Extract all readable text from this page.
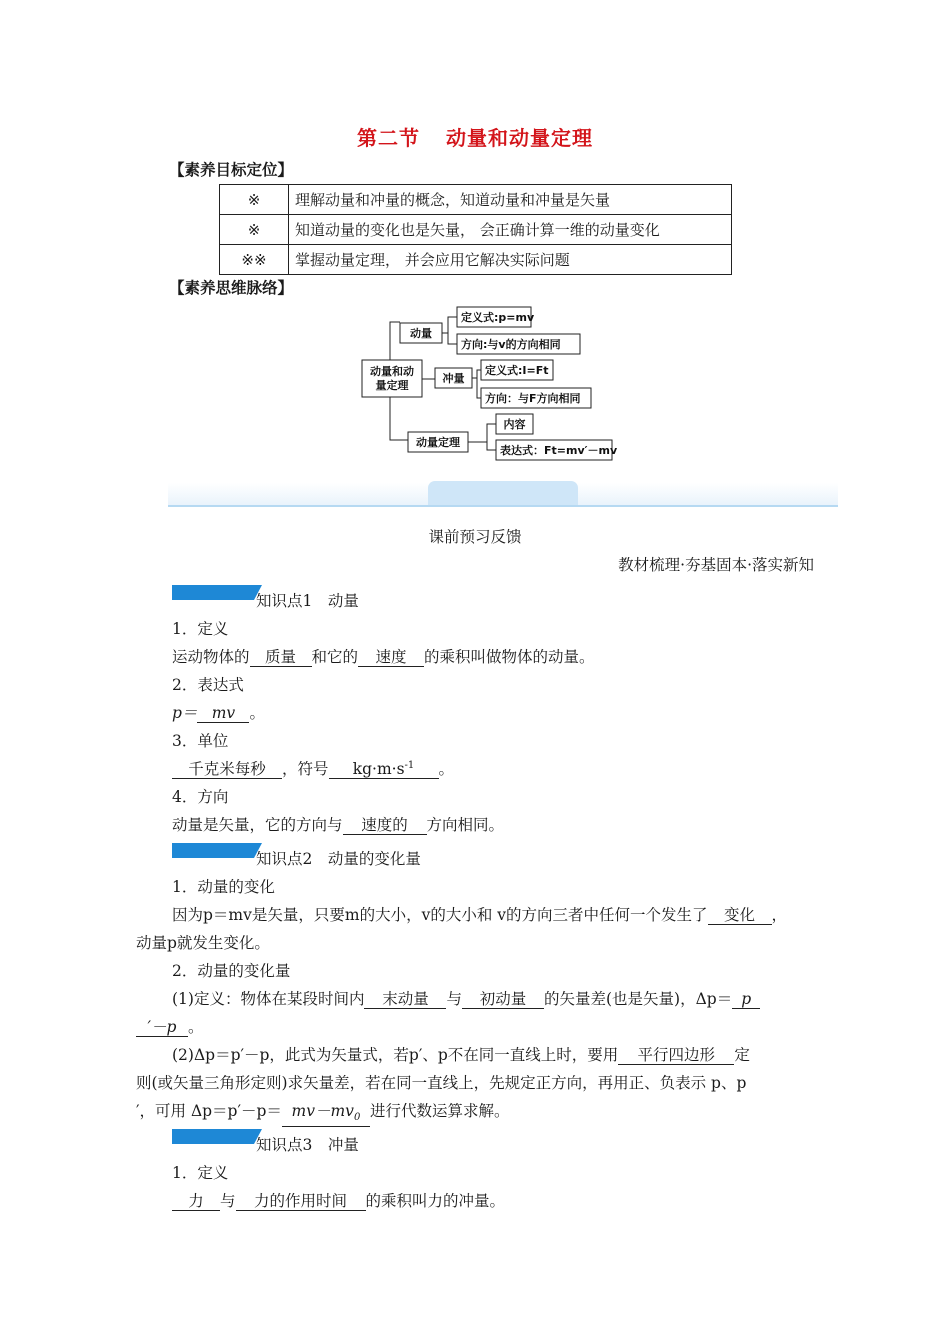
第二节 动量和动量定理
【素养目标定位】
※	理解动量和冲量的概念，知道动量和冲量是矢量
※	知道动量的变化也是矢量， 会正确计算一维的动量变化
※※	掌握动量定理， 并会应用它解决实际问题
【素养思维脉络】
动量和动
量定理
动量
冲量
动量定理
定义式:p=mv
方向:与v的方向相同
定义式:I=Ft
方向：与F方向相同
内容
表达式：Ft=mv′－mv
课前预习反馈
教材梳理·夯基固本·落实新知
知识点1　动量
1．定义
运动物体的 质量 和它的 速度 的乘积叫做物体的动量。
2．表达式
p＝ mv 。
3．单位
千克米每秒 ，符号 $kg\cdot m\cdot s^{-1}$ 。
4．方向
动量是矢量，它的方向与 速度的 方向相同。
知识点2　动量的变化量
1．动量的变化
因为p＝mv是矢量，只要m的大小，v的大小和 v的方向三者中任何一个发生了 变化 ，
动量p就发生变化。
2．动量的变化量
(1)定义：物体在某段时间内 末动量 与 初动量 的矢量差(也是矢量)，Δp＝ p
′－p 。
(2)Δp＝p′－p，此式为矢量式，若p′、p不在同一直线上时，要用 平行四边形 定
则(或矢量三角形定则)求矢量差，若在同一直线上，先规定正方向，再用正、负表示 p、p
′，可用 $\Delta p=p'-p= mv-mv_0$ 进行代数运算求解。
知识点3　冲量
1．定义
力 与 力的作用时间 的乘积叫力的冲量。
